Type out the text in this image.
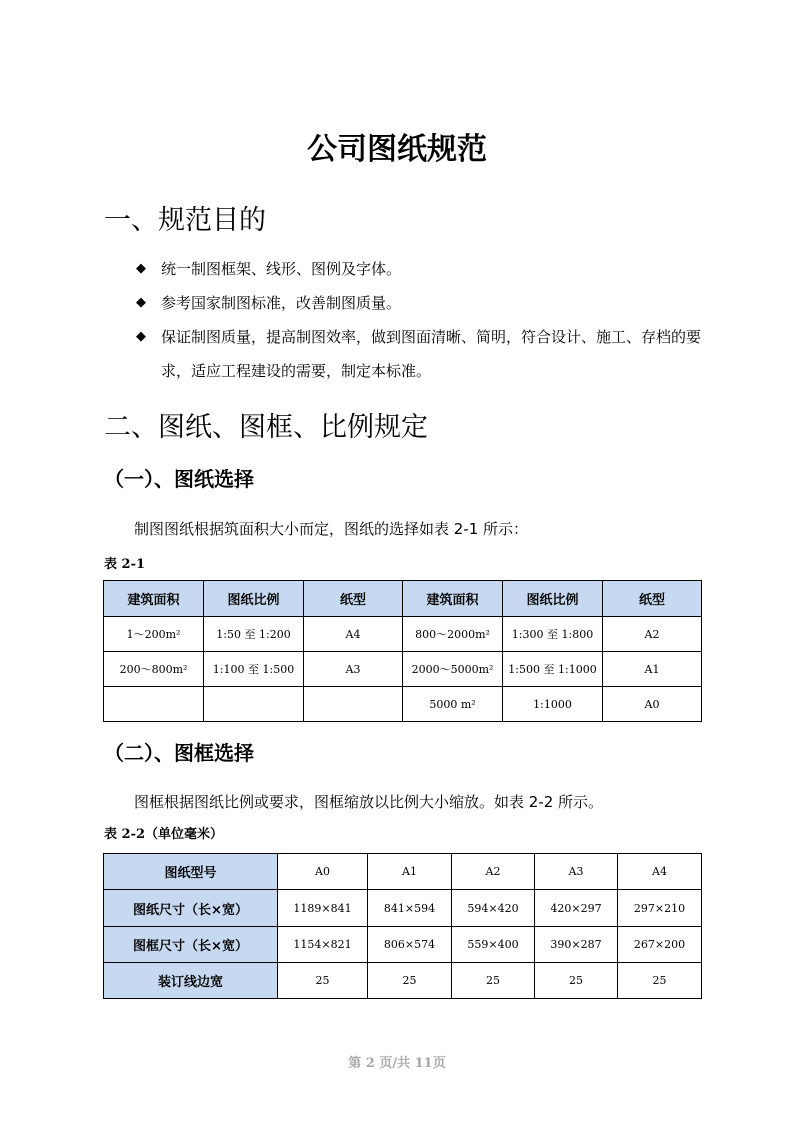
公司图纸规范
一、规范目的
◆	统一制图框架、线形、图例及字体。
◆	参考国家制图标准，改善制图质量。
◆	保证制图质量，提高制图效率，做到图面清晰、简明，符合设计、施工、存档的要求，适应工程建设的需要，制定本标准。
二、图纸、图框、比例规定
（一）、图纸选择
制图图纸根据筑面积大小而定，图纸的选择如表 2-1 所示：
表 2-1
建筑面积	图纸比例	纸型	建筑面积	图纸比例	纸型
1～200m²	1:50 至 1:200	A4	800～2000m²	1:300 至 1:800	A2
200～800m²	1:100 至 1:500	A3	2000～5000m²	1:500 至 1:1000	A1
			5000 m²	1:1000	A0
（二）、图框选择
图框根据图纸比例或要求，图框缩放以比例大小缩放。如表 2-2 所示。
表 2-2（单位毫米）
图纸型号	A0	A1	A2	A3	A4
图纸尺寸（长×宽）	1189×841	841×594	594×420	420×297	297×210
图框尺寸（长×宽）	1154×821	806×574	559×400	390×287	267×200
装订线边宽	25	25	25	25	25
第 2 页/共 11页
